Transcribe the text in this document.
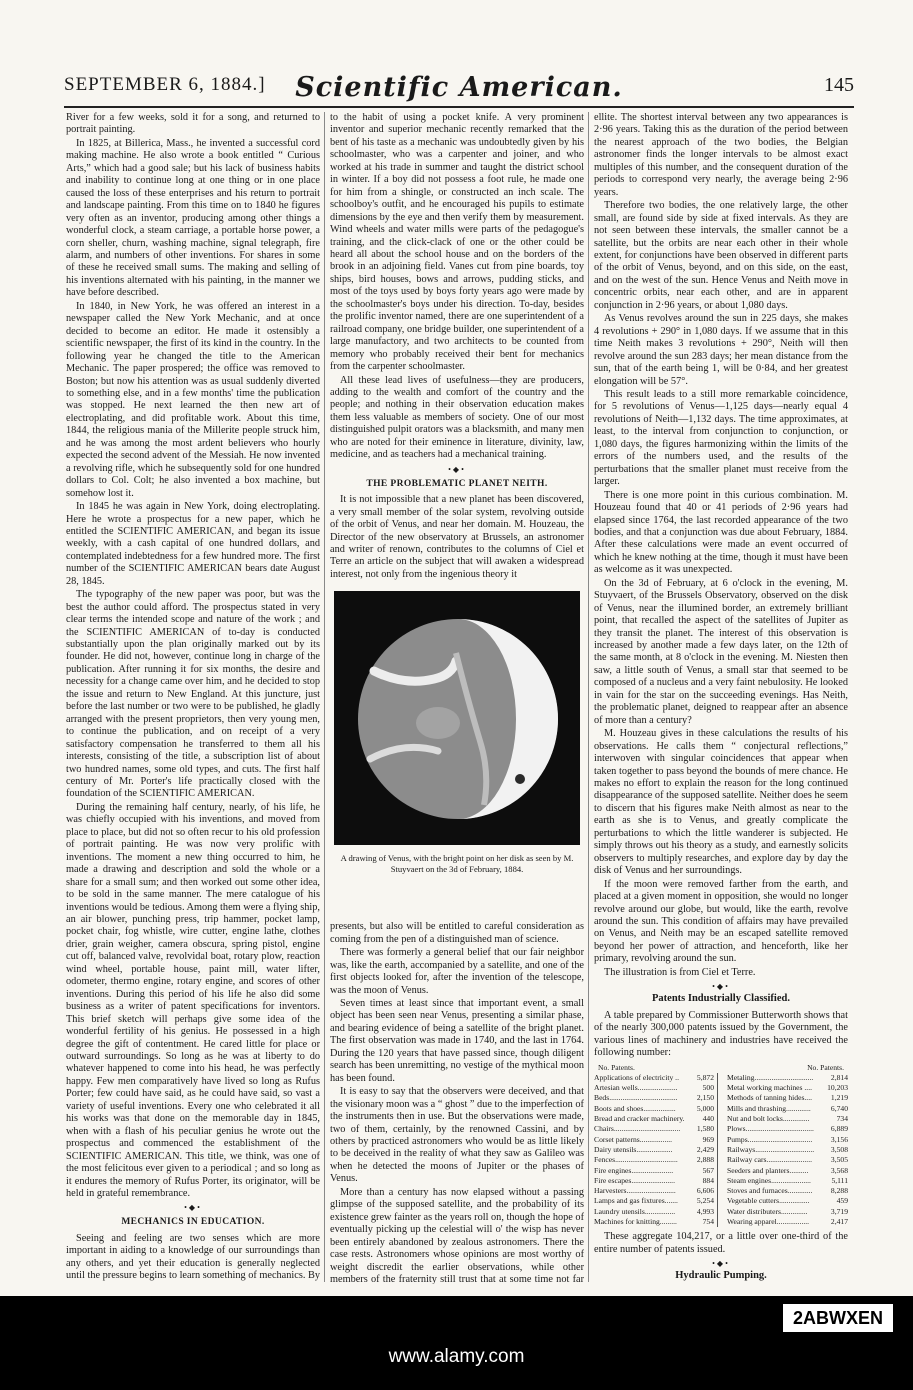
SEPTEMBER 6, 1884.]	Scientific American.	145

River for a few weeks, sold it for a song, and returned to portrait painting.

In 1825, at Billerica, Mass., he invented a successful cord making machine. He also wrote a book entitled “ Curious Arts,” which had a good sale; but his lack of business habits and inability to continue long at one thing or in one place caused the loss of these enterprises and his return to portrait and landscape painting. From this time on to 1840 he figures very often as an inventor, producing among other things a wonderful clock, a steam carriage, a portable horse power, a corn sheller, churn, washing machine, signal telegraph, fire alarm, and numbers of other inventions. For shares in some of these he received small sums. The making and selling of his inventions alternated with his painting, in the manner we have before described.

In 1840, in New York, he was offered an interest in a newspaper called the New York Mechanic, and at once decided to become an editor. He made it ostensibly a scientific newspaper, the first of its kind in the country. In the following year he changed the title to the American Mechanic. The paper prospered; the office was removed to Boston; but now his attention was as usual suddenly diverted to something else, and in a few months' time the publication was stopped. He next learned the then new art of electroplating, and did profitable work. About this time, 1844, the religious mania of the Millerite people struck him, and he was among the most ardent believers who hourly expected the second advent of the Messiah. He now invented a revolving rifle, which he subsequently sold for one hundred dollars to Col. Colt; he also invented a box machine, but somehow lost it.

In 1845 he was again in New York, doing electroplating. Here he wrote a prospectus for a new paper, which he entitled the SCIENTIFIC AMERICAN, and began its issue weekly, with a cash capital of one hundred dollars, and contemplated indebtedness for a few hundred more. The first number of the SCIENTIFIC AMERICAN bears date August 28, 1845.

The typography of the new paper was poor, but was the best the author could afford. The prospectus stated in very clear terms the intended scope and nature of the work ; and the SCIENTIFIC AMERICAN of to-day is conducted substantially upon the plan originally marked out by its founder. He did not, however, continue long in charge of the publication. After running it for six months, the desire and necessity for a change came over him, and he decided to stop the issue and return to New England. At this juncture, just before the last number or two were to be published, he gladly arranged with the present proprietors, then very young men, to continue the publication, and on receipt of a very satisfactory compensation he transferred to them all his interests, consisting of the title, a subscription list of about two hundred names, some old types, and cuts. The first half century of Mr. Porter's life practically closed with the foundation of the SCIENTIFIC AMERICAN.

During the remaining half century, nearly, of his life, he was chiefly occupied with his inventions, and moved from place to place, but did not so often recur to his old profession of portrait painting. He was now very prolific with inventions. The moment a new thing occurred to him, he made a drawing and description and sold the whole or a share for a small sum; and then worked out some other idea, to be sold in the same manner. The mere catalogue of his inventions would be tedious. Among them were a flying ship, an air blower, punching press, trip hammer, pocket lamp, pocket chair, fog whistle, wire cutter, engine lathe, clothes drier, grain weigher, camera obscura, spring pistol, engine cut off, balanced valve, revolvidal boat, rotary plow, reaction wind wheel, portable house, paint mill, water lifter, odometer, thermo engine, rotary engine, and scores of other inventions. During this period of his life he also did some business as a writer of patent specifications for inventors. This brief sketch will perhaps give some idea of the wonderful fertility of his genius. He possessed in a high degree the gift of contentment. He cared little for place or outward surroundings. So long as he was at liberty to do whatever happened to come into his head, he was perfectly happy. Few men comparatively have lived so long as Rufus Porter; few could have said, as he could have said, so vast a variety of useful inventions. Every one who celebrated it all his works was that done on the memorable day in 1845, when with a flash of his peculiar genius he wrote out the prospectus and commenced the establishment of the SCIENTIFIC AMERICAN. This title, we think, was one of the most felicitous ever given to a periodical ; and so long as it endures the memory of Rufus Porter, its originator, will be held in grateful remembrance.

•◆•
MECHANICS IN EDUCATION.

Seeing and feeling are two senses which are more important in aiding to a knowledge of our surroundings than any others, and yet their education is generally neglected until the pressure begins to learn something of mechanics. By

to the habit of using a pocket knife. A very prominent inventor and superior mechanic recently remarked that the bent of his taste as a mechanic was undoubtedly given by his schoolmaster, who was a carpenter and joiner, and who worked at his trade in summer and taught the district school in winter. If a boy did not possess a foot rule, he made one for him from a shingle, or constructed an inch scale. The schoolboy's outfit, and he encouraged his pupils to estimate dimensions by the eye and then verify them by measurement. Wind wheels and water mills were parts of the pedagogue's training, and the click-clack of one or the other could be heard all about the school house and on the borders of the brook in an adjoining field. Vanes cut from pine boards, toy ships, bird houses, bows and arrows, pudding sticks, and most of the toys used by boys forty years ago were made by the schoolmaster's boys under his direction. To-day, besides the prolific inventor named, there are one superintendent of a railroad company, one bridge builder, one superintendent of a large manufactory, and two architects to be counted from memory who probably received their bent for mechanics from the carpenter schoolmaster.

All these lead lives of usefulness—they are producers, adding to the wealth and comfort of the country and the people; and nothing in their observation education makes them less valuable as members of society. One of our most distinguished pulpit orators was a blacksmith, and many men who are noted for their eminence in literature, divinity, law, medicine, and as teachers had a mechanical training.

•◆•
THE PROBLEMATIC PLANET NEITH.

It is not impossible that a new planet has been discovered, a very small member of the solar system, revolving outside of the orbit of Venus, and near her domain. M. Houzeau, the Director of the new observatory at Brussels, an astronomer and writer of renown, contributes to the columns of Ciel et Terre an article on the subject that will awaken a widespread interest, not only from the ingenious theory it

A drawing of Venus, with the bright point on her disk as seen by M. Stuyvaert on the 3d of February, 1884.

presents, but also will be entitled to careful consideration as coming from the pen of a distinguished man of science.

There was formerly a general belief that our fair neighbor was, like the earth, accompanied by a satellite, and one of the first objects looked for, after the invention of the telescope, was the moon of Venus.

Seven times at least since that important event, a small object has been seen near Venus, presenting a similar phase, and bearing evidence of being a satellite of the bright planet. The first observation was made in 1740, and the last in 1764. During the 120 years that have passed since, though diligent search has been unremitting, no vestige of the mythical moon has been found.

It is easy to say that the observers were deceived, and that the visionary moon was a “ ghost ” due to the imperfection of the instruments then in use. But the observations were made, two of them, certainly, by the renowned Cassini, and by others by practiced astronomers who would be as little likely to be deceived in the reality of what they saw as Galileo was when he detected the moons of Jupiter or the phases of Venus.

More than a century has now elapsed without a passing glimpse of the supposed satellite, and the probability of its existence grew fainter as the years roll on, though the hope of eventually picking up the celestial will o' the wisp has never been entirely abandoned by zealous astronomers. There the case rests. Astronomers whose opinions are most worthy of weight discredit the earlier observations, while other members of the fraternity still trust that at some time not far

ellite. The shortest interval between any two appearances is 2·96 years. Taking this as the duration of the period between the nearest approach of the two bodies, the Belgian astronomer finds the longer intervals to be almost exact multiples of this number, and the consequent duration of the periods to correspond very nearly, the average being 2·96 years.

Therefore two bodies, the one relatively large, the other small, are found side by side at fixed intervals. As they are not seen between these intervals, the smaller cannot be a satellite, but the orbits are near each other in their whole extent, for conjunctions have been observed in different parts of the orbit of Venus, beyond, and on this side, on the east, and on the west of the sun. Hence Venus and Neith move in concentric orbits, near each other, and are in apparent conjunction in 2·96 years, or about 1,080 days.

As Venus revolves around the sun in 225 days, she makes 4 revolutions + 290° in 1,080 days. If we assume that in this time Neith makes 3 revolutions + 290°, Neith will then revolve around the sun 283 days; her mean distance from the sun, that of the earth being 1, will be 0·84, and her greatest elongation will be 57°.

This result leads to a still more remarkable coincidence, for 5 revolutions of Venus—1,125 days—nearly equal 4 revolutions of Neith—1,132 days. The time approximates, at least, to the interval from conjunction to conjunction, or 1,080 days, the figures harmonizing within the limits of the errors of the numbers used, and the results of the perturbations that the smaller planet must receive from the larger.

There is one more point in this curious combination. M. Houzeau found that 40 or 41 periods of 2·96 years had elapsed since 1764, the last recorded appearance of the two bodies, and that a conjunction was due about February, 1884. After these calculations were made an event occurred of which he knew nothing at the time, though it must have been as welcome as it was unexpected.

On the 3d of February, at 6 o'clock in the evening, M. Stuyvaert, of the Brussels Observatory, observed on the disk of Venus, near the illumined border, an extremely brilliant point, that recalled the aspect of the satellites of Jupiter as they transit the planet. The interest of this observation is increased by another made a few days later, on the 12th of the same month, at 8 o'clock in the evening. M. Niesten then saw, a little south of Venus, a small star that seemed to be composed of a nucleus and a very faint nebulosity. He looked in vain for the star on the succeeding evenings. Has Neith, the problematic planet, deigned to reappear after an absence of more than a century?

M. Houzeau gives in these calculations the results of his observations. He calls them “ conjectural reflections,” interwoven with singular coincidences that appear when taken together to pass beyond the bounds of mere chance. He makes no effort to explain the reason for the long continued disappearance of the supposed satellite. Neither does he seem to discern that his figures make Neith almost as near to the earth as she is to Venus, and greatly complicate the perturbations to which the little wanderer is subjected. He simply throws out his theory as a study, and earnestly solicits observers to multiply researches, and explore day by day the disk of Venus and her surroundings.

If the moon were removed farther from the earth, and placed at a given moment in opposition, she would no longer revolve around our globe, but would, like the earth, revolve around the sun. This condition of affairs may have prevailed on Venus, and Neith may be an escaped satellite removed beyond her power of attraction, and henceforth, like her primary, revolving around the sun.

The illustration is from Ciel et Terre.

•◆•
Patents Industrially Classified.

A table prepared by Commissioner Butterworth shows that of the nearly 300,000 patents issued by the Government, the various lines of machinery and industries have received the following number:

No. Patents.	No. Patents.
Applications of electricity ..	5,872
Artesian wells.....................	500
Beds....................................	2,150
Boots and shoes.................	5,000
Bread and cracker machinery.	440
Chairs...................................	1,580
Corset patterns.................	969
Dairy utensils...................	2,429
Fences.................................	2,888
Fire engines......................	567
Fire escapes.......................	884
Harvesters..........................	6,606
Lamps and gas fixtures.......	5,254
Laundry utensils................	4,993
Machines for knitting.........	754
Metaling...............................	2,814
Metal working machines ....	10,203
Methods of tanning hides....	1,219
Mills and thrashing.............	6,740
Nut and bolt locks..............	734
Plows....................................	6,889
Pumps..................................	3,156
Railways...............................	3,508
Railway cars........................	3,505
Seeders and planters..........	3,568
Steam engines.....................	5,111
Stoves and furnaces.............	8,288
Vegetable cutters................	459
Water distributers..............	3,719
Wearing apparel.................	2,417

These aggregate 104,217, or a little over one-third of the entire number of patents issued.

•◆•
Hydraulic Pumping.

2ABWXEN
www.alamy.com
